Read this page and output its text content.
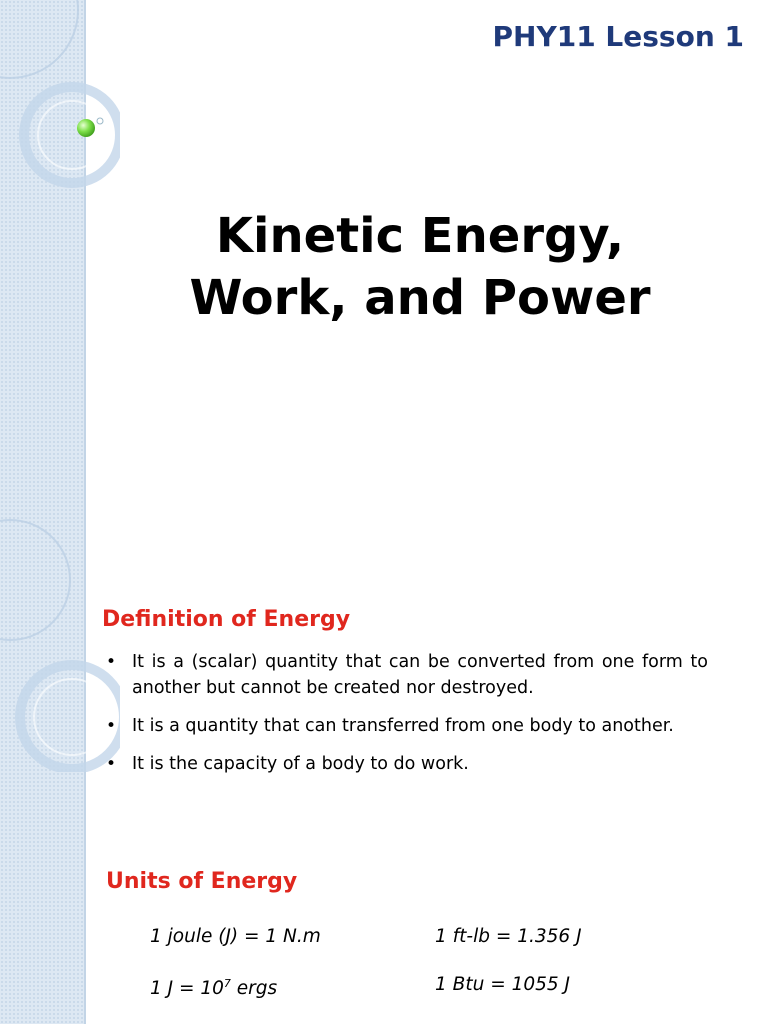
PHY11 Lesson 1
Kinetic Energy,
Work, and Power
Definition of Energy
• It is a (scalar) quantity that can be converted from one form to another but cannot be created nor destroyed.
• It is a quantity that can transferred from one body to another.
• It is the capacity of a body to do work.
Units of Energy
1 joule (J) = 1 N.m	1 ft-lb = 1.356 J
1 $J = 10^7$ ergs	1 Btu = 1055 J
